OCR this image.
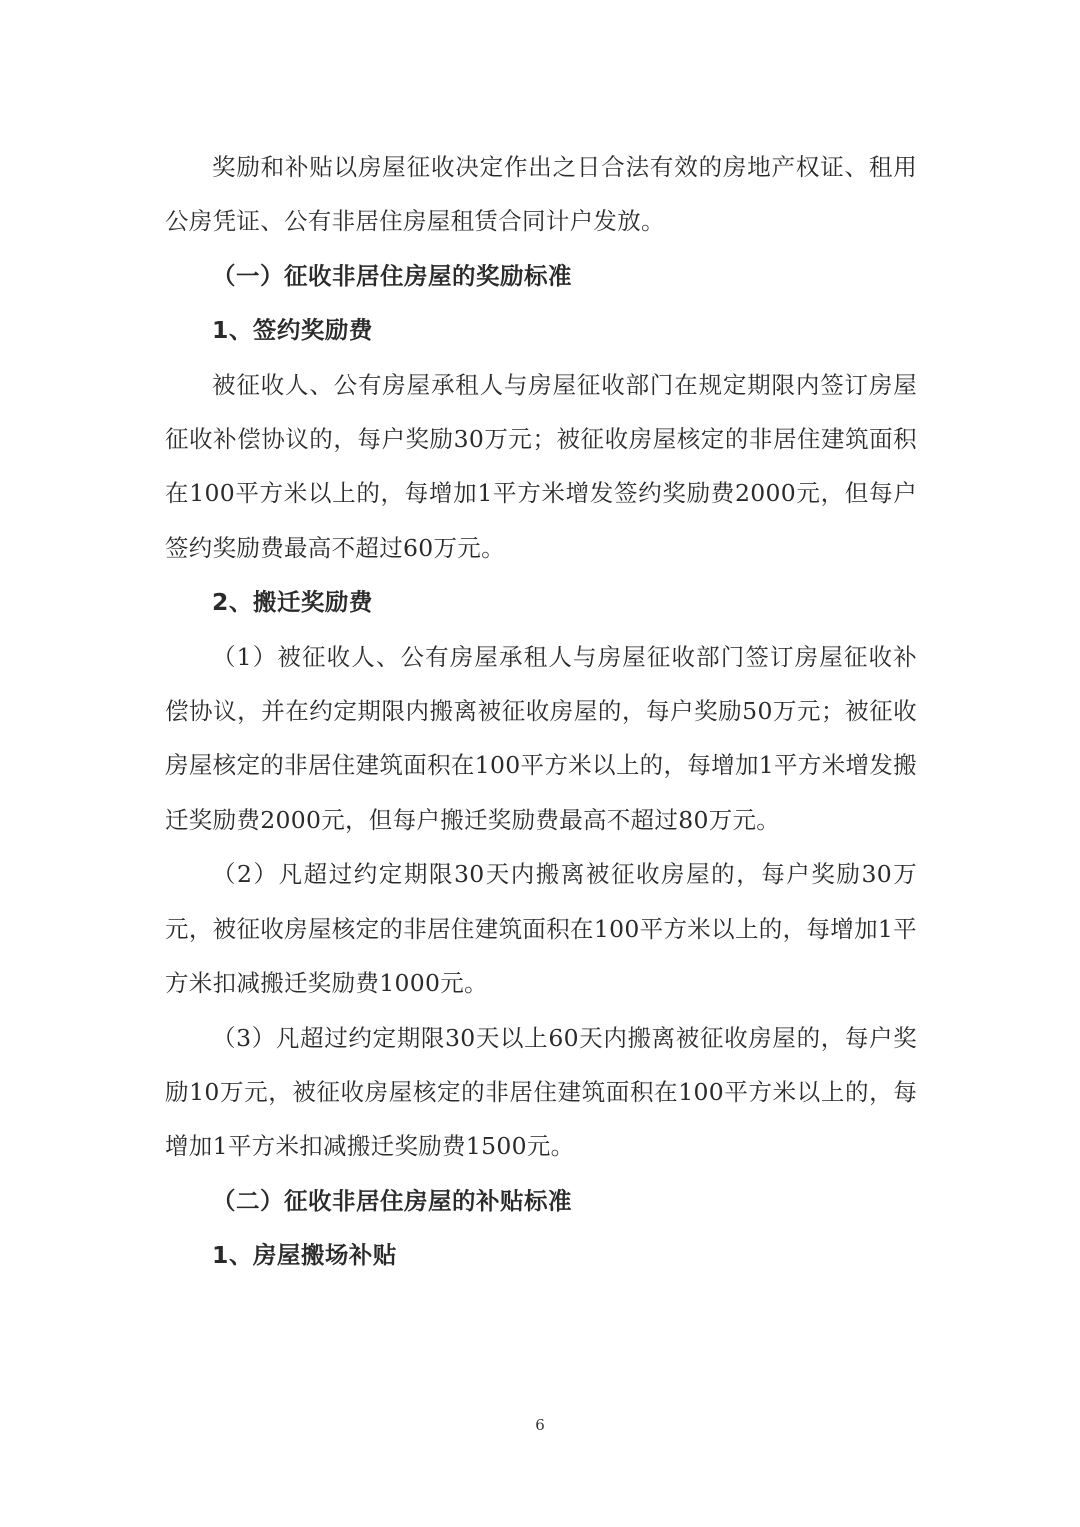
奖励和补贴以房屋征收决定作出之日合法有效的房地产权证、租用公房凭证、公有非居住房屋租赁合同计户发放。

（一）征收非居住房屋的奖励标准

1、签约奖励费

被征收人、公有房屋承租人与房屋征收部门在规定期限内签订房屋征收补偿协议的，每户奖励30万元；被征收房屋核定的非居住建筑面积在100平方米以上的，每增加1平方米增发签约奖励费2000元，但每户签约奖励费最高不超过60万元。

2、搬迁奖励费

（1）被征收人、公有房屋承租人与房屋征收部门签订房屋征收补偿协议，并在约定期限内搬离被征收房屋的，每户奖励50万元；被征收房屋核定的非居住建筑面积在100平方米以上的，每增加1平方米增发搬迁奖励费2000元，但每户搬迁奖励费最高不超过80万元。

（2）凡超过约定期限30天内搬离被征收房屋的，每户奖励30万元，被征收房屋核定的非居住建筑面积在100平方米以上的，每增加1平方米扣减搬迁奖励费1000元。

（3）凡超过约定期限30天以上60天内搬离被征收房屋的，每户奖励10万元，被征收房屋核定的非居住建筑面积在100平方米以上的，每增加1平方米扣减搬迁奖励费1500元。

（二）征收非居住房屋的补贴标准

1、房屋搬场补贴

6
